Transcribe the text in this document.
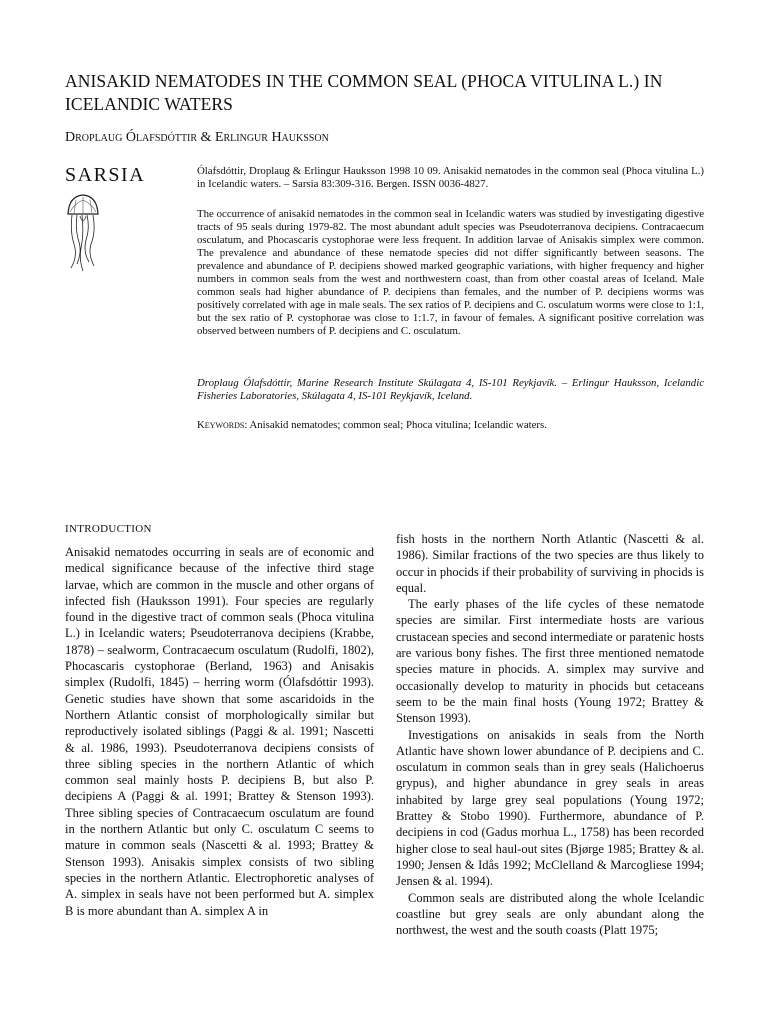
ANISAKID NEMATODES IN THE COMMON SEAL (PHOCA VITULINA L.) IN ICELANDIC WATERS
Droplaug Ólafsdóttir & Erlingur Hauksson
SARSIA	Ólafsdóttir, Droplaug & Erlingur Hauksson 1998 10 09. Anisakid nematodes in the common seal (Phoca vitulina L.) in Icelandic waters. – Sarsia 83:309-316. Bergen. ISSN 0036-4827.
The occurrence of anisakid nematodes in the common seal in Icelandic waters was studied by investigating digestive tracts of 95 seals during 1979-82. The most abundant adult species was Pseudoterranova decipiens. Contracaecum osculatum, and Phocascaris cystophorae were less frequent. In addition larvae of Anisakis simplex were common. The prevalence and abundance of these nematode species did not differ significantly between seasons. The prevalence and abundance of P. decipiens showed marked geographic variations, with higher frequency and higher numbers in common seals from the west and northwestern coast, than from other coastal areas of Iceland. Male common seals had higher abundance of P. decipiens than females, and the number of P. decipiens worms was positively correlated with age in male seals. The sex ratios of P. decipiens and C. osculatum worms were close to 1:1, but the sex ratio of P. cystophorae was close to 1:1.7, in favour of females. A significant positive correlation was observed between numbers of P. decipiens and C. osculatum.
Droplaug Ólafsdóttir, Marine Research Institute Skúlagata 4, IS-101 Reykjavík. – Erlingur Hauksson, Icelandic Fisheries Laboratories, Skúlagata 4, IS-101 Reykjavík, Iceland.
Keywords: Anisakid nematodes; common seal; Phoca vitulina; Icelandic waters.
INTRODUCTION

Anisakid nematodes occurring in seals are of economic and medical significance because of the infective third stage larvae, which are common in the muscle and other organs of infected fish (Hauksson 1991). Four species are regularly found in the digestive tract of common seals (Phoca vitulina L.) in Icelandic waters; Pseudoterranova decipiens (Krabbe, 1878) – sealworm, Contracaecum osculatum (Rudolfi, 1802), Phocascaris cystophorae (Berland, 1963) and Anisakis simplex (Rudolfi, 1845) – herring worm (Ólafsdóttir 1993). Genetic studies have shown that some ascaridoids in the Northern Atlantic consist of morphologically similar but reproductively isolated siblings (Paggi & al. 1991; Nascetti & al. 1986, 1993). Pseudoterranova decipiens consists of three sibling species in the northern Atlantic of which common seal mainly hosts P. decipiens B, but also P. decipiens A (Paggi & al. 1991; Brattey & Stenson 1993). Three sibling species of Contracaecum osculatum are found in the northern Atlantic but only C. osculatum C seems to mature in common seals (Nascetti & al. 1993; Brattey & Stenson 1993). Anisakis simplex consists of two sibling species in the northern Atlantic. Electrophoretic analyses of A. simplex in seals have not been performed but A. simplex B is more abundant than A. simplex A in

fish hosts in the northern North Atlantic (Nascetti & al. 1986). Similar fractions of the two species are thus likely to occur in phocids if their probability of surviving in phocids is equal.

The early phases of the life cycles of these nematode species are similar. First intermediate hosts are various crustacean species and second intermediate or paratenic hosts are various bony fishes. The first three mentioned nematode species mature in phocids. A. simplex may survive and occasionally develop to maturity in phocids but cetaceans seem to be the main final hosts (Young 1972; Brattey & Stenson 1993).

Investigations on anisakids in seals from the North Atlantic have shown lower abundance of P. decipiens and C. osculatum in common seals than in grey seals (Halichoerus grypus), and higher abundance in grey seals in areas inhabited by large grey seal populations (Young 1972; Brattey & Stobo 1990). Furthermore, abundance of P. decipiens in cod (Gadus morhua L., 1758) has been recorded higher close to seal haul-out sites (Bjørge 1985; Brattey & al. 1990; Jensen & Idås 1992; McClelland & Marcogliese 1994; Jensen & al. 1994).

Common seals are distributed along the whole Icelandic coastline but grey seals are only abundant along the northwest, the west and the south coasts (Platt 1975;
